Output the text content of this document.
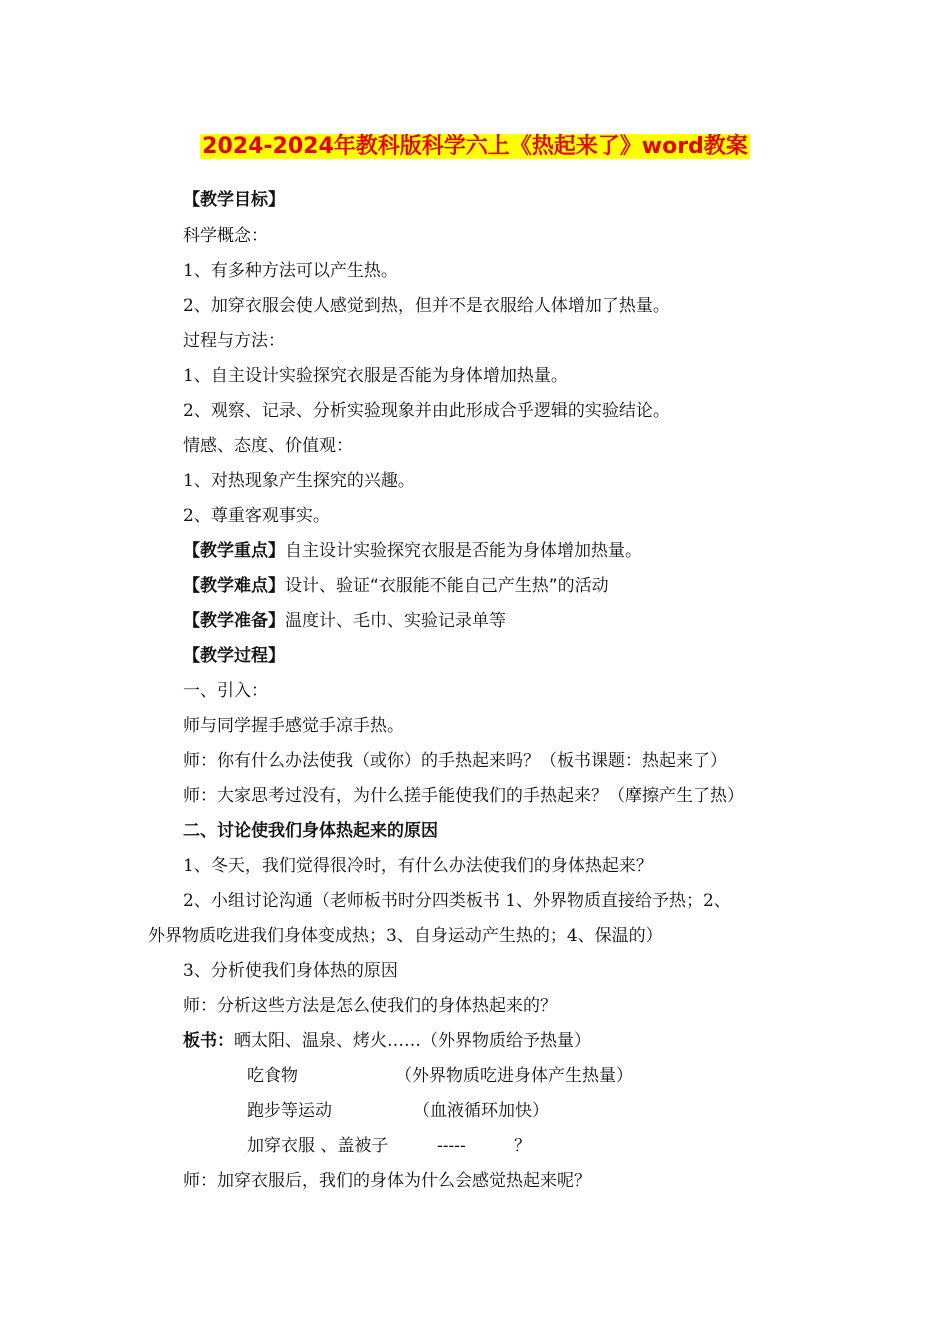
2024-2024年教科版科学六上《热起来了》word教案
【教学目标】
科学概念：
1、有多种方法可以产生热。
2、加穿衣服会使人感觉到热，但并不是衣服给人体增加了热量。
过程与方法：
1、自主设计实验探究衣服是否能为身体增加热量。
2、观察、记录、分析实验现象并由此形成合乎逻辑的实验结论。
情感、态度、价值观：
1、对热现象产生探究的兴趣。
2、尊重客观事实。
【教学重点】自主设计实验探究衣服是否能为身体增加热量。
【教学难点】设计、验证“衣服能不能自己产生热”的活动
【教学准备】温度计、毛巾、实验记录单等
【教学过程】
一、引入：
师与同学握手感觉手凉手热。
师：你有什么办法使我（或你）的手热起来吗？（板书课题：热起来了）
师：大家思考过没有，为什么搓手能使我们的手热起来？（摩擦产生了热）
二、讨论使我们身体热起来的原因
1、冬天，我们觉得很冷时，有什么办法使我们的身体热起来？
2、小组讨论沟通（老师板书时分四类板书 1、外界物质直接给予热；2、
外界物质吃进我们身体变成热；3、自身运动产生热的；4、保温的）
3、分析使我们身体热的原因
师：分析这些方法是怎么使我们的身体热起来的？
板书：晒太阳、温泉、烤火……（外界物质给予热量）
吃食物	（外界物质吃进身体产生热量）
跑步等运动	（血液循环加快）
加穿衣服 、盖被子	-----	？
师：加穿衣服后，我们的身体为什么会感觉热起来呢？
